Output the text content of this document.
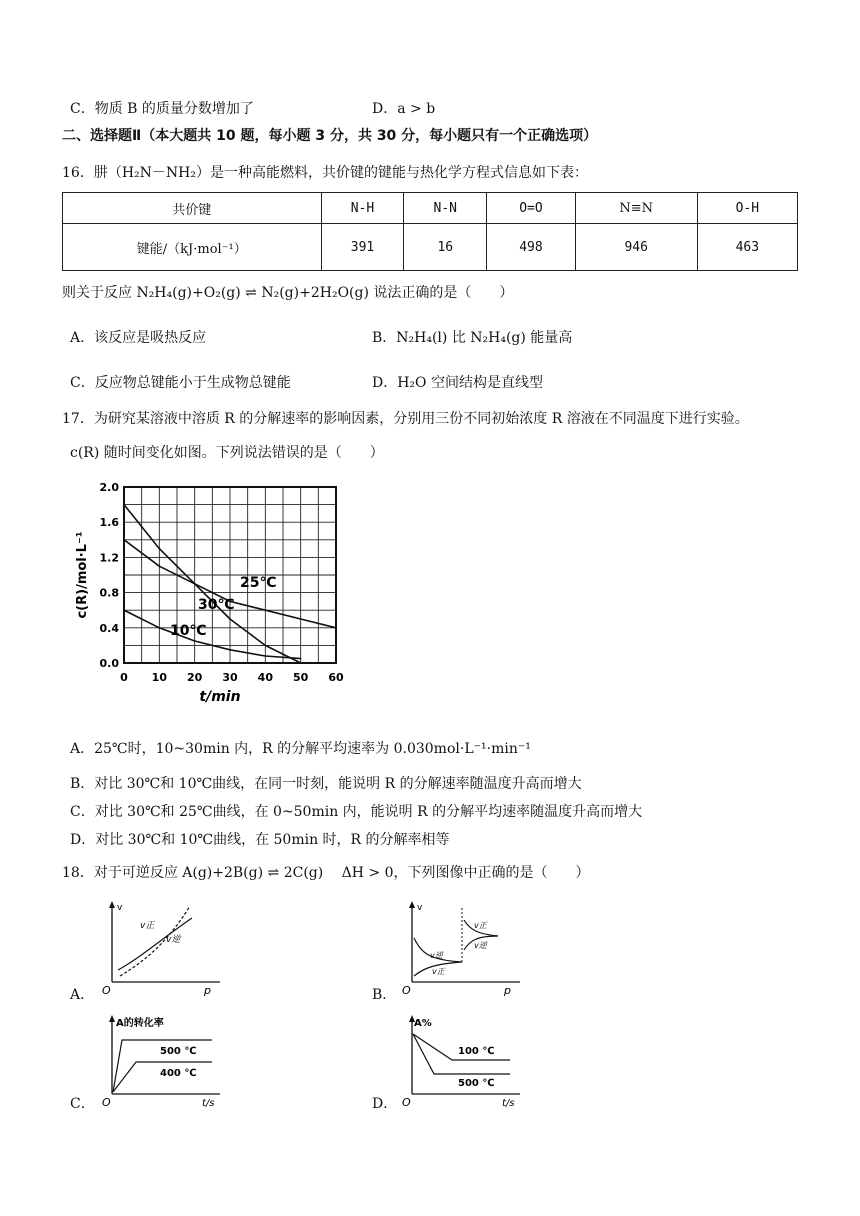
C．物质 B 的质量分数增加了	D．a > b
二、选择题Ⅱ（本大题共 10 题，每小题 3 分，共 30 分，每小题只有一个正确选项）
16．肼（H₂N－NH₂）是一种高能燃料，共价键的键能与热化学方程式信息如下表：
共价键	N-H	N-N	O=O	N≡N	O-H
键能/（kJ·mol⁻¹）	391	16	498	946	463
则关于反应 N₂H₄(g)+O₂(g) ⇌ N₂(g)+2H₂O(g) 说法正确的是（　　）
A．该反应是吸热反应	B．N₂H₄(l) 比 N₂H₄(g) 能量高
C．反应物总键能小于生成物总键能	D．H₂O 空间结构是直线型
17．为研究某溶液中溶质 R 的分解速率的影响因素，分别用三份不同初始浓度 R 溶液在不同温度下进行实验。
c(R) 随时间变化如图。下列说法错误的是（　　）
0 10 20 30 40 50 60
0.0
0.4
0.8
1.2
1.6
2.0
t/min
c(R)/mol·L⁻¹	25℃
30℃
10℃
A．25℃时，10~30min 内，R 的分解平均速率为 0.030mol·L⁻¹·min⁻¹
B．对比 30℃和 10℃曲线，在同一时刻，能说明 R 的分解速率随温度升高而增大
C．对比 30℃和 25℃曲线，在 0~50min 内，能说明 R 的分解平均速率随温度升高而增大
D．对比 30℃和 10℃曲线，在 50min 时，R 的分解率相等
18．对于可逆反应 A(g)+2B(g) ⇌ 2C(g)　 ΔH > 0，下列图像中正确的是（　　）
A．
v
O	p
v正
v逆
B．
v
O	p
v逆
v正
v正
v逆
C．
A的转化率
O	t/s
500 ℃
400 ℃
D．
A%
O	t/s
100 ℃
500 ℃
